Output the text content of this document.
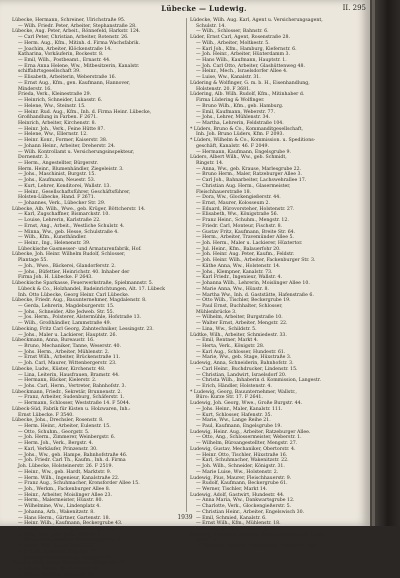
Lübecke — Ludewig.	II. 295
Lübecke, Hermann, Schreiner, Ulrichstraße 95.
— Wilh. Friedr. Peter, Arbeiter, Stephanstraße 28.
Lübecke, Aug. Peter, Arbeit., Rönnefeld, Harkstr. 124.
— Carl Peter, Christian, Arbeiter, Rotenstr. 26.
— Herm. Aug., Kfm., Mitinh. d. Firma Wachsfabrik.
— Joachim, Arbeiter, Klöckenstraße 14.
Katharina, Vorkäuferin, Bockestr. 8.
— Emil, Wilh., Postbeamt., Ernastr. 44.
— Erna Anna Helene, Ww., Mitbesitzerin, Kanalstr.
schiffahrtsgesellschaft 39.
— Elisabeth, Arbeiterin, Weberstraße 16.
— Ernst Aug., Kfm., gen. Kaufmann, Hannover,
Minderstr. 16.
Frieda, Verk., Kleinestraße 29.
— Heinrich, Schneider, Lukasstr. 6.
— Helene, Ww., Steinstr. 15.
— Heinr. Rud. Aug., Kfm., Inh. d. Firma Heinr. Lübecke,
Großhandlung in Farben. F 2671.
Heinrich, Arbeiter, Kirchenstr. 8.
— Heinr. Joh., Verk., Feine Hütte 87.
— Helene, Ww., Ellernstr. 12.
— Heinr. Konr., Former, Kaiserstr. 38.
— Johann Heinr., Arbeiter, Dreherstr. 24.
— Wilh. Kontrollamt u. Versicherungsinspekteur,
Dornenstr. 3.
— Herm., Angestellter, Bürgerstr.
Herm. Heinr., Blumenhändler, Ziegeleistr. 3.
— Johs., Maschinist, Burgstr. 15.
— Johs., Kaufmann, Neuestr. 53.
— Kurt, Lehrer, Konditorei, Wallstr. 13.
— Heinr., Gesellschaftsführer, Geschäftsführer,
Holsten-Lübecke, Hand. F 2671.
— Johannes, Verk., Lübecker Str. 29.
Lübecke, Alb. Wilh., Wwe., geb. Krüger, Böttcherstr. 14.
— Karl, Zugschaffner, Bismarckstr. 10.
— Louise, Lehrerin, Karlstraße 22.
— Ernst, Ang., Arbeit., Westliche Schulstr. 4.
— Minna, Ww., geb. Hesse, Schulstraße 4.
— Wilh., Kfm., Kunsthändler.
— Heinr., Ing., Helenenstr. 39.
Lübeckische Gasmesser- und Armaturenfabrik, Hof.
Lübecke, Joh. Heinr. Wilhelm Rudolf, Schlosser,
Plantage 55.
— Joh., Wwe., Bäckerei, Glandorferstr. 2.
— Johs., Büfettier, Heinrichstr. 40. Inhaber der
Firma Joh. H. Lübecke. F 2643.
Lübeckische Sparkasse, Feuerwerkstraße, Spielmannstr. 5.
Lübeck & Co., Holzhandel, Badeinrichtungen, Alt. 17. Lübeck
Inh. Otto Lübecke, Georg Heinr. Carl Lübecke.
Lübecke, Friedr. Aug., Bauunternehmer, Magdalenstr. 8.
— Gerda, Lehrerin, Magdeburgerstr. 15.
— Johs., Schneider, Alte Jedweb. Str. 55.
— Jos. Herm., Polsterer, Alstermühle, Hofstraße 13.
— Wilh., Großhändler, Lammstraße 49.
Lübecking, Fritz Carl Georg, Zahntechniker, Lessingstr. 23.
— Johs., Maler u. Lackierer, Hauptstr. 26.
Lübeckmann, Anna, Bureaustr. 16.
— Bruno, Mechaniker, Tanne, Weserstr. 40.
— Johs. Herm., Arbeiter, Mühlenstr. 2.
— Ernst Wilh., Arbeiter, Brückenstraße 11.
— Joh. Carl, Maurer, Wittenbergerstr. 23.
Lübecke, Ludw., Küster, Kirchenstr. 48.
— Lina, Leiterin, Hausfrauen, Bramstr. 44.
— Hermann, Bäcker, Kielerstr. 2.
— Johs. Carl, Herm., Vertreter, Bahnhofstr. 3.
Lübeckmann, Friedr., Sekretär, Brunnenstr. 2.
— Franz, Arbeiter, Sudenburg, Schäferstr. 1.
— Hermann, Schlosser, Weststraße 14. F 5044.
Lübeck-Süd, Fabrik für Kisten u. Holzwaren, Inh.:
Ernst Lübecke. F 3540.
Lübecke, Johs., Drechsler, Rosenstr. 8.
— Herm. Heinr., Arbeiter, Eulenstr. 15.
— Otto, Schuhm., Georgstr. 5.
— Joh. Herm., Zimmerer, Weinbergstr. 6.
— Herm. Joh., Verk., Bergstr. 4.
— Karl, Verkäufer, Prinzenstr. 30.
— Johs., Ww., geb. Hampe, Bahnhofstraße 46.
— Joh. Friedr. Carl Th., Kaufm., Inh. d. Firma
Joh. Lübecke, Holsteinerstr. 26. F 2519.
— Heinr., Ww., geb. Hardt, Marktstr. 9.
— Herm. Wilh., Ingenieur, Kanalstraße 22.
— Franz Aug., Schuhmacher, Kronsforder Allee 15.
— Joh., Werkm., Fackenburger Allee 8.
— Heinr., Arbeiter, Moislinger Allee 23.
— Herm., Malermeister, Hüxstr. 80.
— Wilhelmine, Ww., Lindenplatz 4.
— Johanna, Arb., Wakenitzstr. 8.
— Hans Herm., Gärtner, Gartenstr. 18.
— Heinr. Wilh., Kaufmann, Beckergrube 43.
— Ernst, Bahnbeamter, Ratzeburger Allee 4.
— Elise, Ww., geb. Stolz, Wallstr. 7.
— Heinr. Otto, Arbeiter, Dankwartsgrube 8.
— Marie, Ww., Lange Reihe 12.
— Joh. Fr., Schmied, Kanalstr. 17.
— Joachim, Schuhmacher, Wahmstr. 42.
Lüdeke, Gust. Peter, Buchbinder, Hüxstraße 11.
— Minna, Witwe, Fischergrube 63.
— Heinr., Arbeiter, Langestr. 69.
Lüdecke, Wilh. Aug. Karl, Agent u. Versicherungsagent,
Schulstr. 14.
— Wilh., Schlosser, Bahnstr. 6.
Lüder, Ernst Carl, Agent, Rosenstraße 28.
— Wilh., Arbeiter, Moltkestr. 5.
— Karl Joh., Kfm., Hamburg, Kiefernstr. 6.
— Joh. Heinr., Arbeiter, Hüxterdamm 3.
— Hans Wilh., Kaufmann, Hauptstr. 1.
— Joh. Carl Otto, Arbeiter, Glashüttenweg 48.
— Heinr., Mech., Israelsdorfer Allee 4.
— Luise, Ww., Kanalstr. 31.
Lüdering & Wolfinger, G. m. b. H., Eisenhandlung,
Holstenstr. 20. F 3681.
Lüdering, Alb. Wilh. Rudolf, Kfm., Mitinhaber d.
Firma Lüdering & Wolfinger.
— Bruno Wilh., Kfm., geb. Hamburg.
— Emil, Kaufmann, Weberstr. 77.
— Johs., Lehrer, Mühlenstr. 34.
— Martha, Lehrerin, Feldstraße 104.
* Lüders, Bruno & Co., Kommanditgesellschaft,
Inh. Joh. Bruno Lüders, Kfm. F 2093.
* Lüders, Wilhelm & Co., Kommission. u. Speditions-
geschäft, Kanalstr. 46. F 2049.
— Hermann, Kaufmann, Engelsgrube 9.
Lüders, Albert Wilh., Ww., geb. Schmidt,
Ringstr. 14.
— Anna, Ww., geb. Krause, Marlesgrube 22.
— Bruno Herm., Maler, Ratzeburger Allee 3.
— Carl Joh., Bahnarbeiter, Lachswehrallee 17.
— Christian Aug. Herm., Glasermeister,
Fleischhauerstraße 18.
— Dora, Ww., Glockengießerstr. 44.
— Ernst, Maurer, Kolosseum 2.
— Eduard, Bürovorsteher, Holstenstr. 27.
— Elisabeth, Ww., Königstraße 56.
— Franz Heinr., Schuhm., Mengstr. 12.
— Friedr. Carl, Monteur, Fischstr. 8.
— Gustav Fritz, Kaufmann, Breite Str. 64.
— Herm., Arbeiter, Travemünder Allee 5.
— Joh. Herm., Maler u. Lackierer, Hüxtertor.
— Jul. Heinr., Kfm., Balauerfohr 20.
— Joh. Heinr. Aug. Peter, Kaufm., Feldstr.
— Joh. Heinr. Wilh., Arbeiter, Fackenburger Str. 3.
— Käthe Anna, Ww., Holstenstr. 14.
— Johs., Klempner, Kanalstr. 73.
— Karl Friedr., Ingenieur, Wallstr. 4.
— Johanna Wilh., Lehrerin, Moislinger Allee 10.
— Marie Anna, Ww., Hüxstr. 8.
— Martha Ww., Inh. d. Gaststätte, Hafenstraße 6.
— Otto Wilh., Tischler, Beckergrube 19.
— Paul Ernst, Buchhalter, Schlosser,
Mühlenbrücke 3.
— Wilhelm, Arbeiter, Burgstraße 10.
— Walter Ernst, Arbeiter, Mengstr. 22.
— Lina, Ww., Schildstr. 5.
Lüdtke, Wilh., Arbeiter, Schmiedestr. 33.
— Emil, Rentner, Markt 4.
— Herta, Verk., Königstr. 28.
— Karl Aug., Schlosser, Hundestr. 61.
— Marie, Ww., geb. Stage, Hüxstraße 3.
Ludewig, Anna, Schneiderin, Bahnhofstr. 3.
— Carl Heinr., Buchdrucker, Lindenstr. 15.
— Christian, Landwirt, Israelsdorf 20.
— Christa Wilh., Inhaberin d. Kommission, Langestr.
— Erich, Händler, Holstenstr. 4.
* Ludewig, Georg, Bauunternehmer, Wallstr.,
Büro: Kurze Str. 17. F 2641.
Ludewig, Joh. Georg, Wwe., Große Burgstr. 44.
— Johs. Heinr., Maler, Kanalstr. 111.
— Kurt, Schlosser, Hafenstr. 35.
— Marie, Ww., Lange Reihe 21.
— Paul, Kaufmann, Engelsgrube 19.
Ludewig, Heinr. Aug., Arbeiter, Ratzeburger Allee.
— Otto, Ang., Schlossermeister, Weberstr. 1.
— Wilhelm, Büroangestellter, Mengstr. 27.
Ludewig, Gustav, Mechaniker, Obertorstr. 4.
— Heinr. Otto, Tischler, Hüxstraße 16.
— Karl, Schuhmacher, Wakenitzstr. 22.
— Joh. Wilh., Schneider, Königstr. 31.
— Marie Luise, Ww., Holstenstr. 2.
Ludewig, Pius, Maurer, Fleischhauerstr. 9.
— Rudolf, Kaufmann, Beckergrube 61.
— Werner, Tischler, Markt 14.
Ludewig, Adolf, Gastwirt, Hundestr. 44.
— Anna Maria, Ww., Dankwartsgrube 12.
— Charlotte, Verk., Glockengießerstr. 5.
— Christian Heinr., Arbeiter, Engelswisch 30.
— Emil, Schmied, Kanalstr. 6.
— Ernst Wilh., Kfm., Mühlenstr. 18.
— Friedr., Bäcker, Wahmstr. 2.
Ludewig, Friedrich, Agent u. Versicherungsagent, Lange-
reihe 15.
— Otto Carl Ludewig, Weißenburg, Fennerstr. 126.
1939
